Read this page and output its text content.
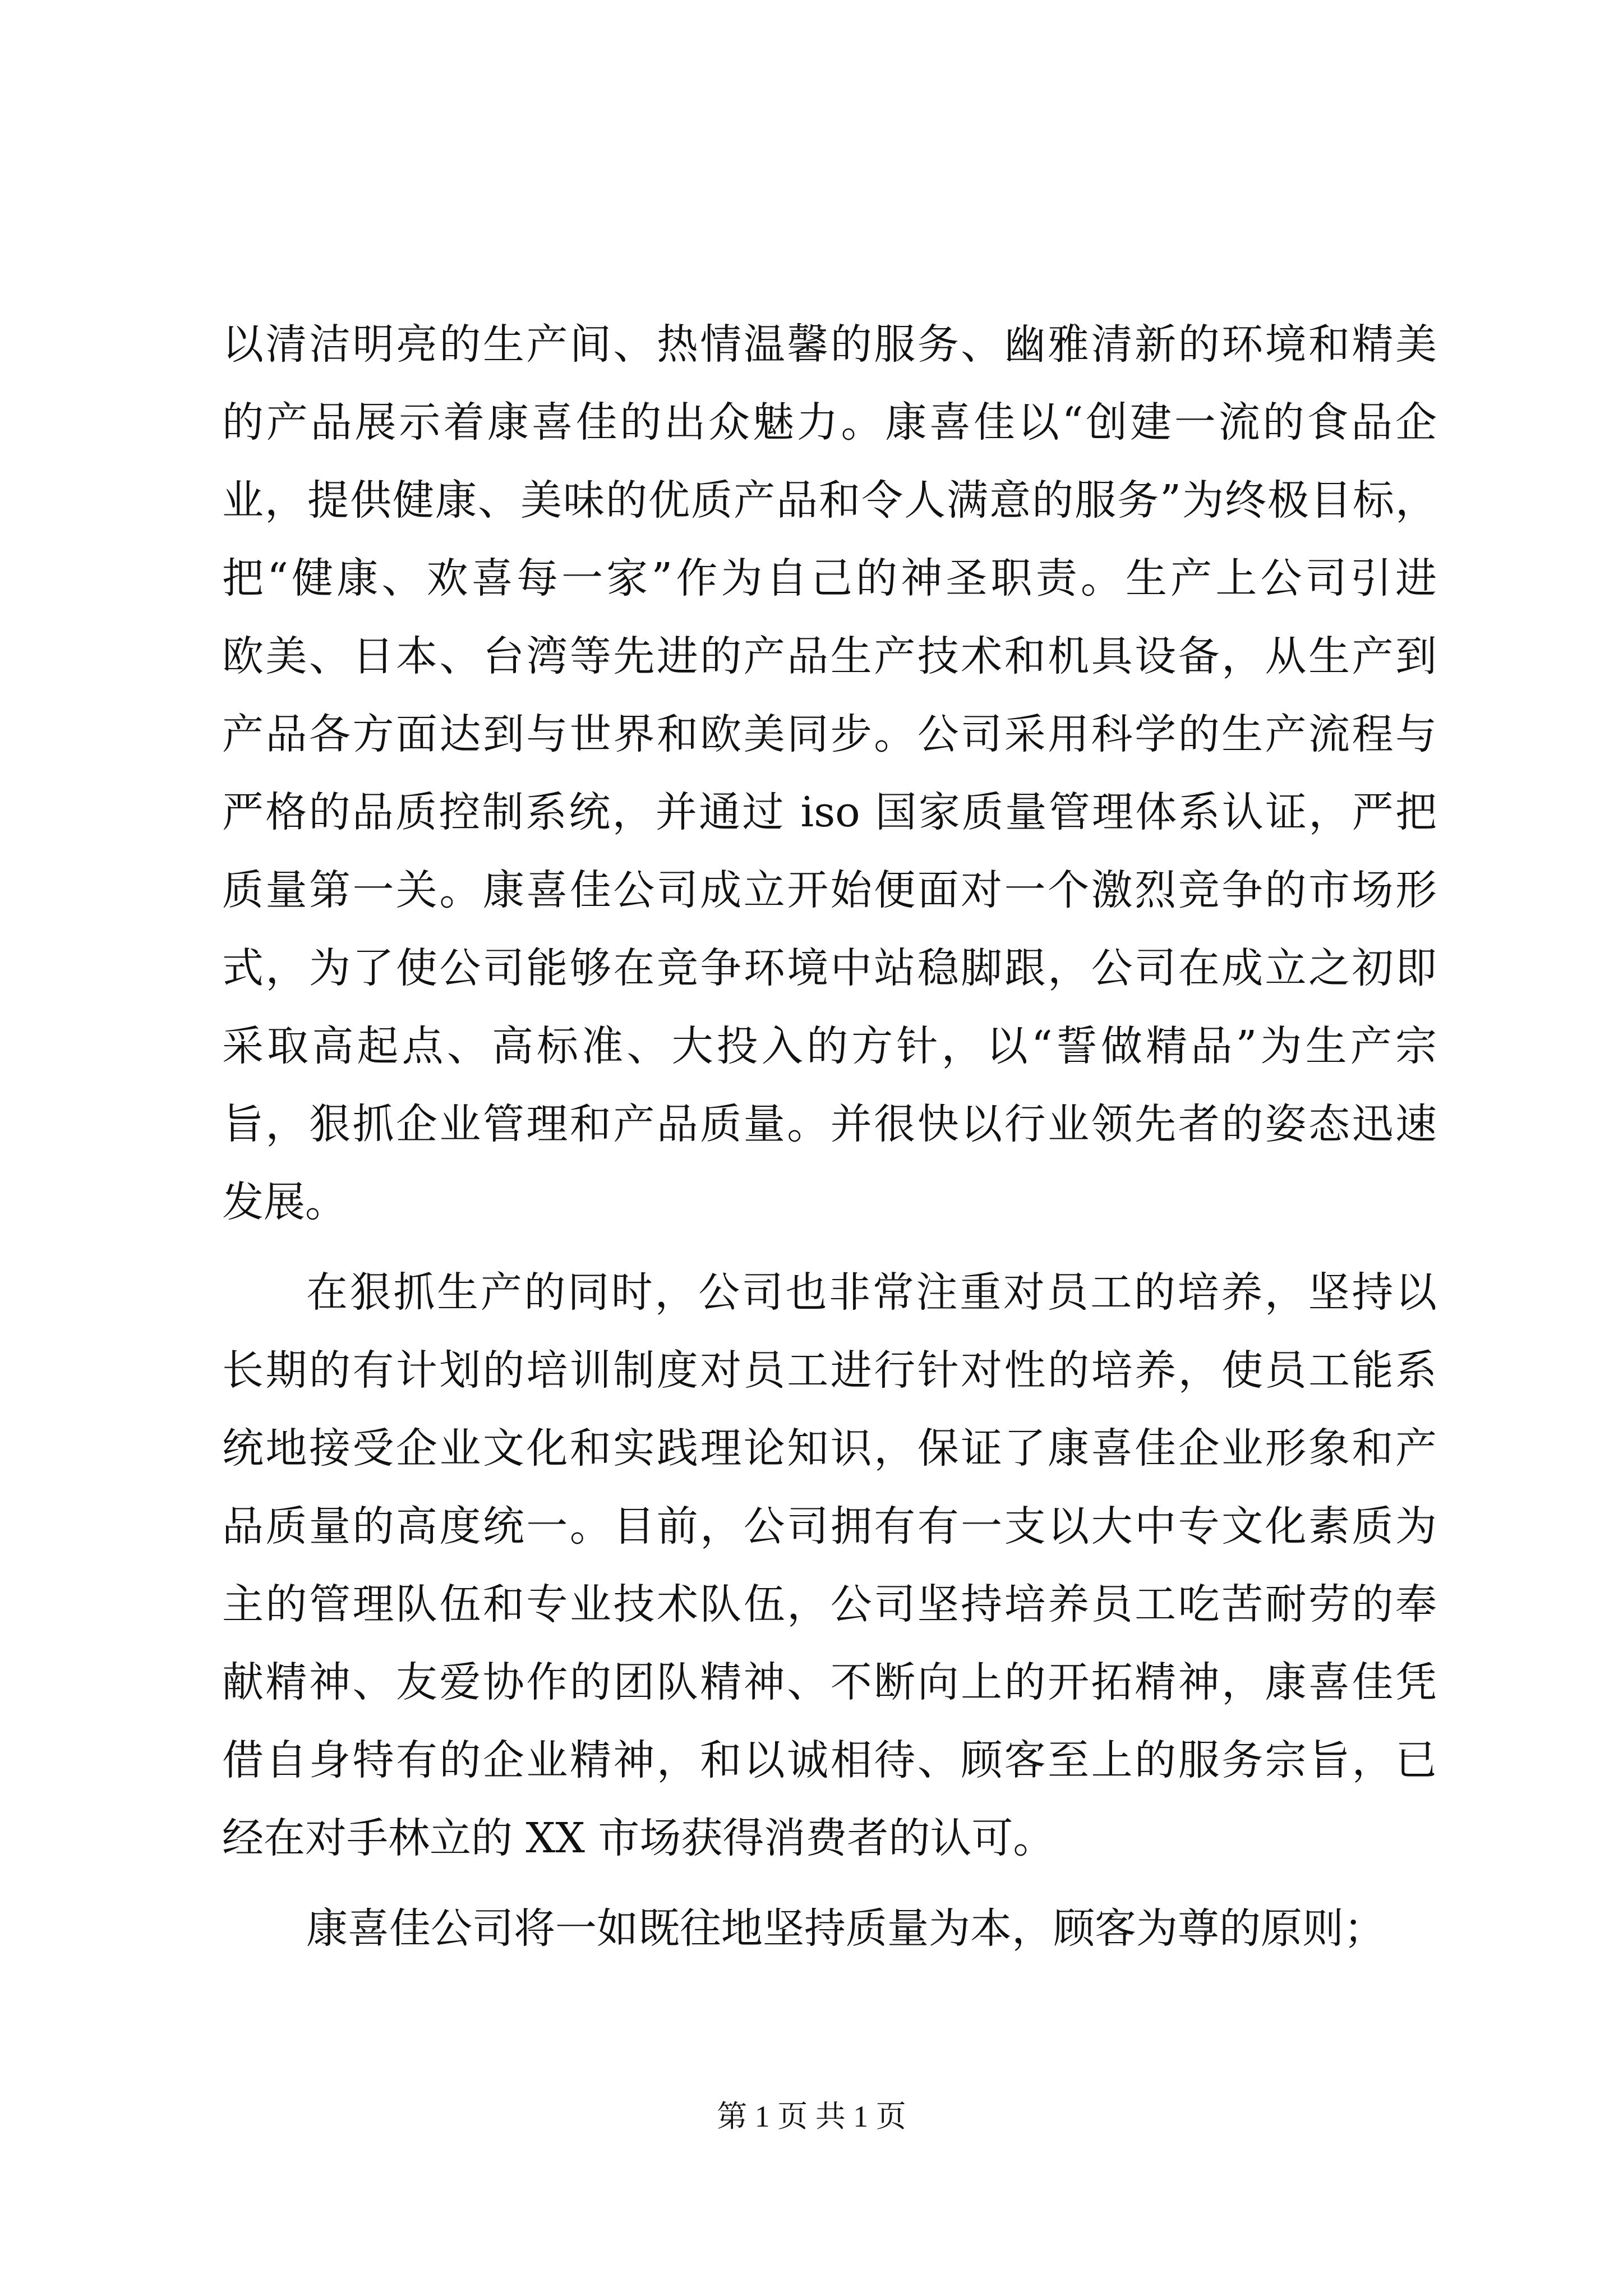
以清洁明亮的生产间、热情温馨的服务、幽雅清新的环境和精美
的产品展示着康喜佳的出众魅力。康喜佳以“创建一流的食品企
业，提供健康、美味的优质产品和令人满意的服务”为终极目标，
把“健康、欢喜每一家”作为自己的神圣职责。生产上公司引进
欧美、日本、台湾等先进的产品生产技术和机具设备，从生产到
产品各方面达到与世界和欧美同步。公司采用科学的生产流程与
严格的品质控制系统，并通过 iso 国家质量管理体系认证，严把
质量第一关。康喜佳公司成立开始便面对一个激烈竞争的市场形
式，为了使公司能够在竞争环境中站稳脚跟，公司在成立之初即
采取高起点、高标准、大投入的方针，以“誓做精品”为生产宗
旨，狠抓企业管理和产品质量。并很快以行业领先者的姿态迅速
发展。
在狠抓生产的同时，公司也非常注重对员工的培养，坚持以
长期的有计划的培训制度对员工进行针对性的培养，使员工能系
统地接受企业文化和实践理论知识，保证了康喜佳企业形象和产
品质量的高度统一。目前，公司拥有有一支以大中专文化素质为
主的管理队伍和专业技术队伍，公司坚持培养员工吃苦耐劳的奉
献精神、友爱协作的团队精神、不断向上的开拓精神，康喜佳凭
借自身特有的企业精神，和以诚相待、顾客至上的服务宗旨，已
经在对手林立的 XX 市场获得消费者的认可。
康喜佳公司将一如既往地坚持质量为本，顾客为尊的原则；
第 1 页 共 1 页
